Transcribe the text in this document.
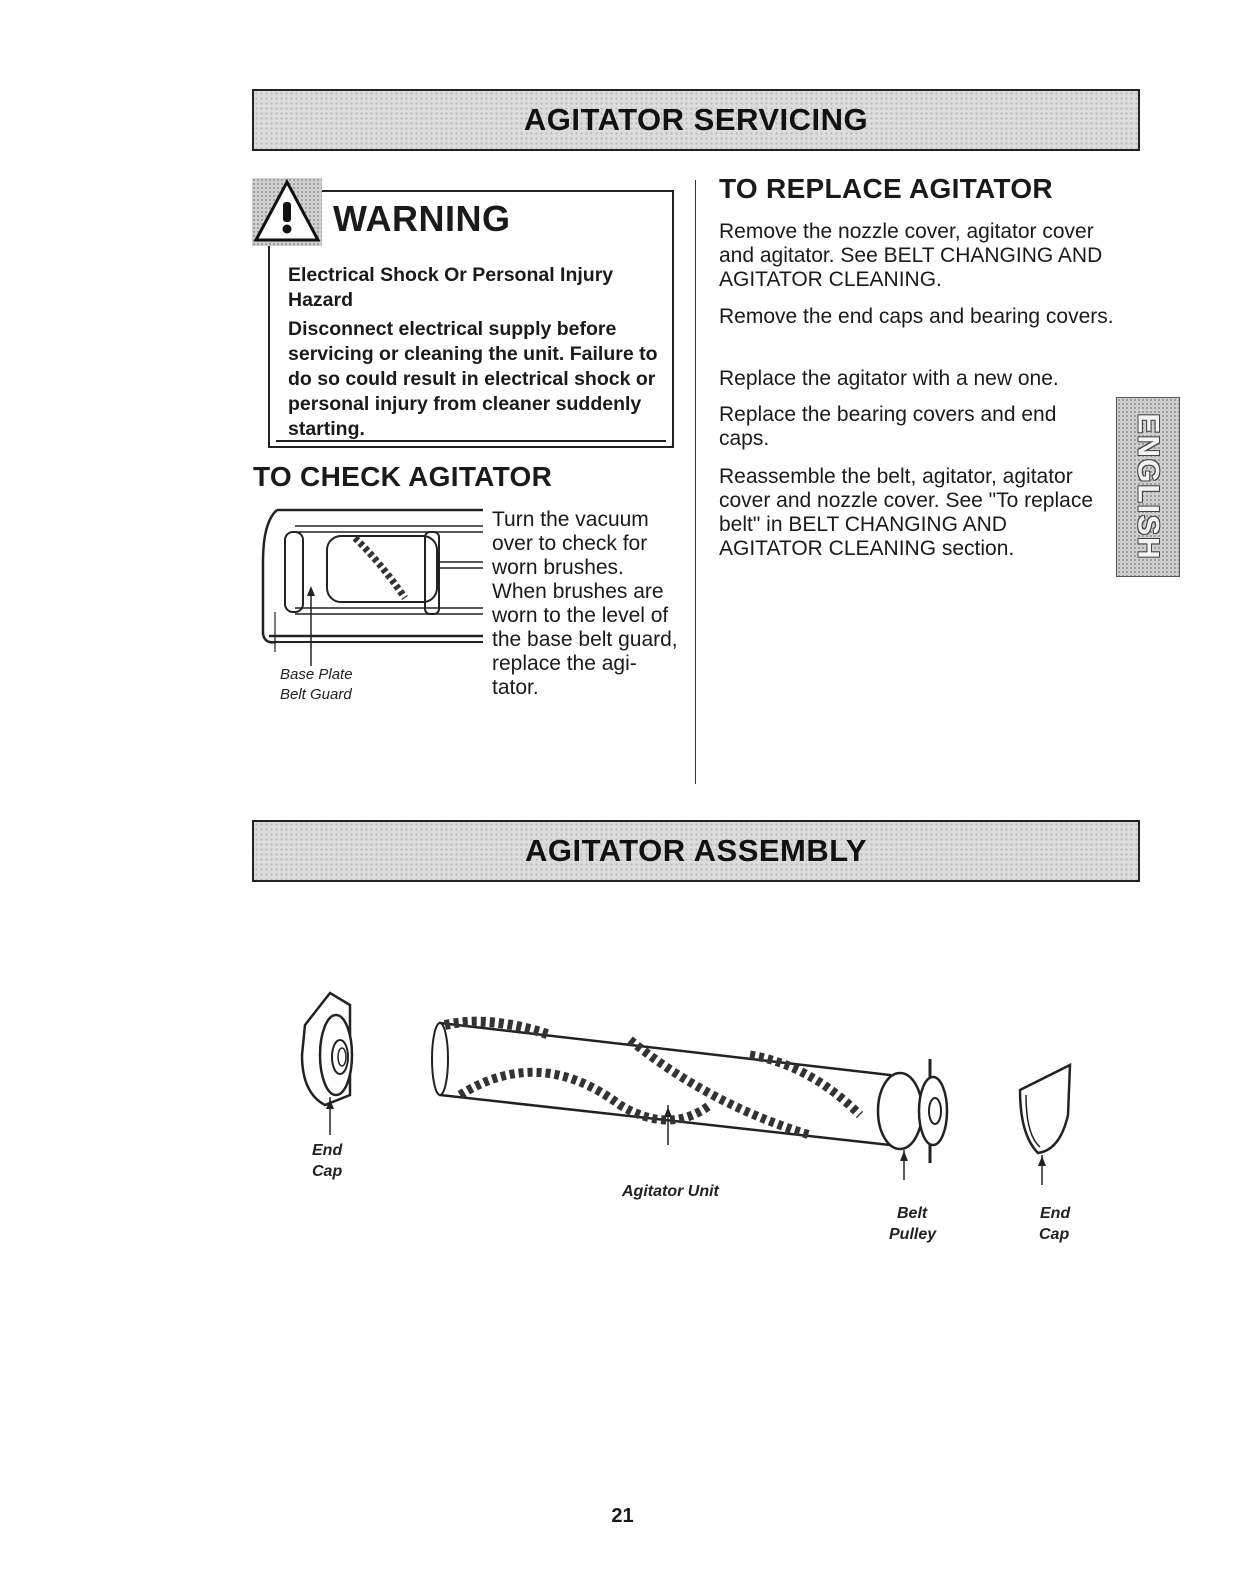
AGITATOR SERVICING
WARNING
Electrical Shock Or Personal Injury Hazard
Disconnect electrical supply before servicing or cleaning the unit. Failure to do so could result in electrical shock or personal injury from cleaner suddenly starting.
TO CHECK AGITATOR
Turn the vacuum over to check for worn brushes. When brushes are worn to the level of the base belt guard, replace the agi-tator.
Base Plate
Belt Guard
TO REPLACE AGITATOR
Remove the nozzle cover, agitator cover and agitator. See BELT CHANGING AND AGITATOR CLEANING.
Remove the end caps and bearing covers.
Replace the agitator with a new one.
Replace the bearing covers and end caps.
Reassemble the belt, agitator, agitator cover and nozzle cover. See "To replace belt" in BELT CHANGING AND AGITATOR CLEANING section.	ENGLISH
AGITATOR ASSEMBLY
End
Cap
Agitator Unit
Belt
Pulley
End
Cap
21
